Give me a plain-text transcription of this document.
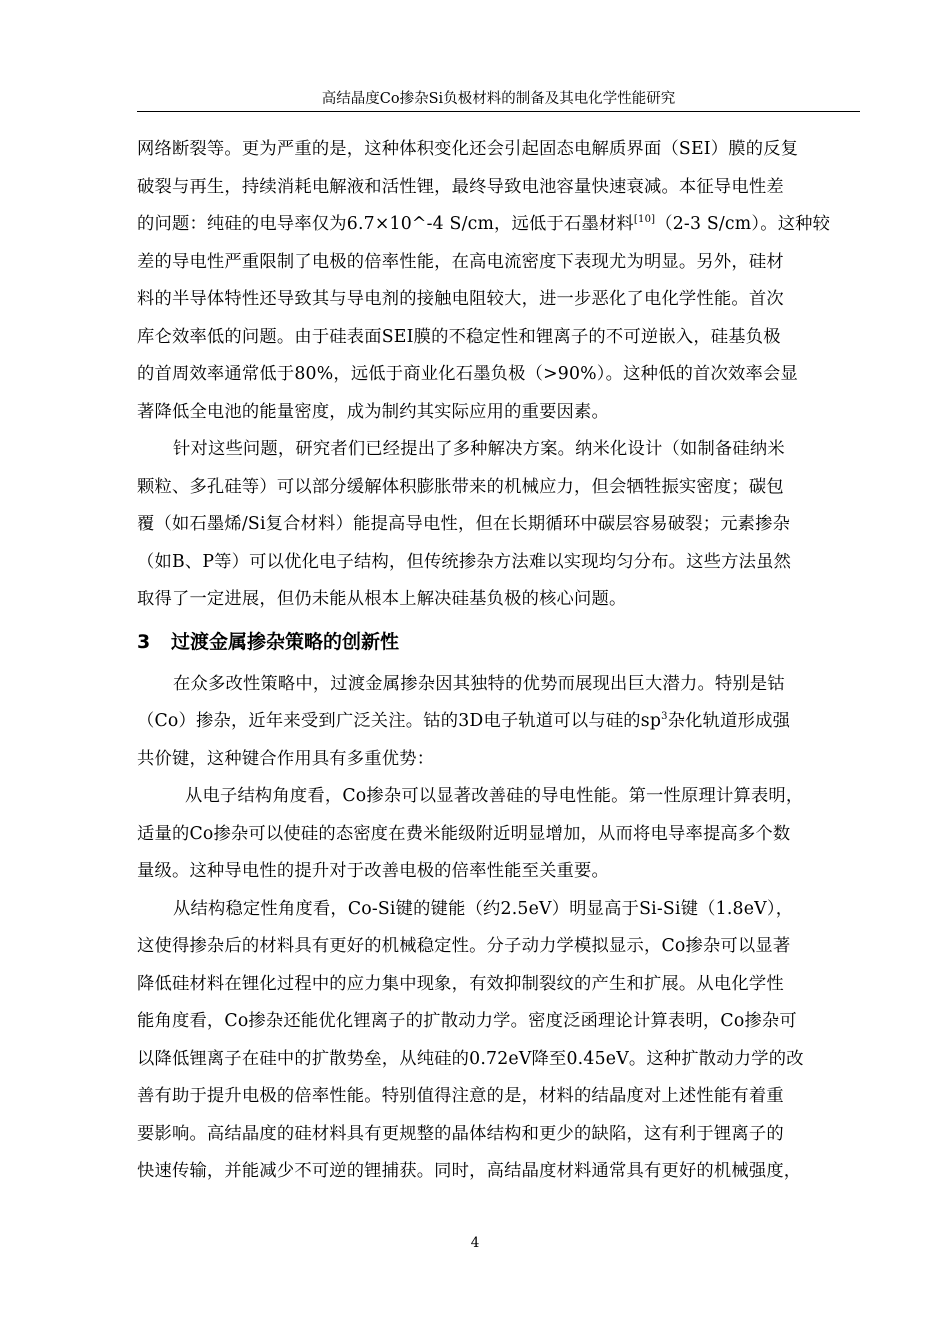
高结晶度Co掺杂Si负极材料的制备及其电化学性能研究

网络断裂等。更为严重的是，这种体积变化还会引起固态电解质界面（SEI）膜的反复
破裂与再生，持续消耗电解液和活性锂，最终导致电池容量快速衰减。本征导电性差
的问题：纯硅的电导率仅为6.7×10^-4 S/cm，远低于石墨材料[10]（2-3 S/cm）。这种较
差的导电性严重限制了电极的倍率性能，在高电流密度下表现尤为明显。另外，硅材
料的半导体特性还导致其与导电剂的接触电阻较大，进一步恶化了电化学性能。首次
库仑效率低的问题。由于硅表面SEI膜的不稳定性和锂离子的不可逆嵌入，硅基负极
的首周效率通常低于80%，远低于商业化石墨负极（>90%）。这种低的首次效率会显
著降低全电池的能量密度，成为制约其实际应用的重要因素。

针对这些问题，研究者们已经提出了多种解决方案。纳米化设计（如制备硅纳米
颗粒、多孔硅等）可以部分缓解体积膨胀带来的机械应力，但会牺牲振实密度；碳包
覆（如石墨烯/Si复合材料）能提高导电性，但在长期循环中碳层容易破裂；元素掺杂
（如B、P等）可以优化电子结构，但传统掺杂方法难以实现均匀分布。这些方法虽然
取得了一定进展，但仍未能从根本上解决硅基负极的核心问题。

3 过渡金属掺杂策略的创新性

在众多改性策略中，过渡金属掺杂因其独特的优势而展现出巨大潜力。特别是钴
（Co）掺杂，近年来受到广泛关注。钴的3D电子轨道可以与硅的$sp^3$杂化轨道形成强
共价键，这种键合作用具有多重优势：

从电子结构角度看，Co掺杂可以显著改善硅的导电性能。第一性原理计算表明，
适量的Co掺杂可以使硅的态密度在费米能级附近明显增加，从而将电导率提高多个数
量级。这种导电性的提升对于改善电极的倍率性能至关重要。

从结构稳定性角度看，Co-Si键的键能（约2.5eV）明显高于Si-Si键（1.8eV），
这使得掺杂后的材料具有更好的机械稳定性。分子动力学模拟显示，Co掺杂可以显著
降低硅材料在锂化过程中的应力集中现象，有效抑制裂纹的产生和扩展。从电化学性
能角度看，Co掺杂还能优化锂离子的扩散动力学。密度泛函理论计算表明，Co掺杂可
以降低锂离子在硅中的扩散势垒，从纯硅的0.72eV降至0.45eV。这种扩散动力学的改
善有助于提升电极的倍率性能。特别值得注意的是，材料的结晶度对上述性能有着重
要影响。高结晶度的硅材料具有更规整的晶体结构和更少的缺陷，这有利于锂离子的
快速传输，并能减少不可逆的锂捕获。同时，高结晶度材料通常具有更好的机械强度，

4
